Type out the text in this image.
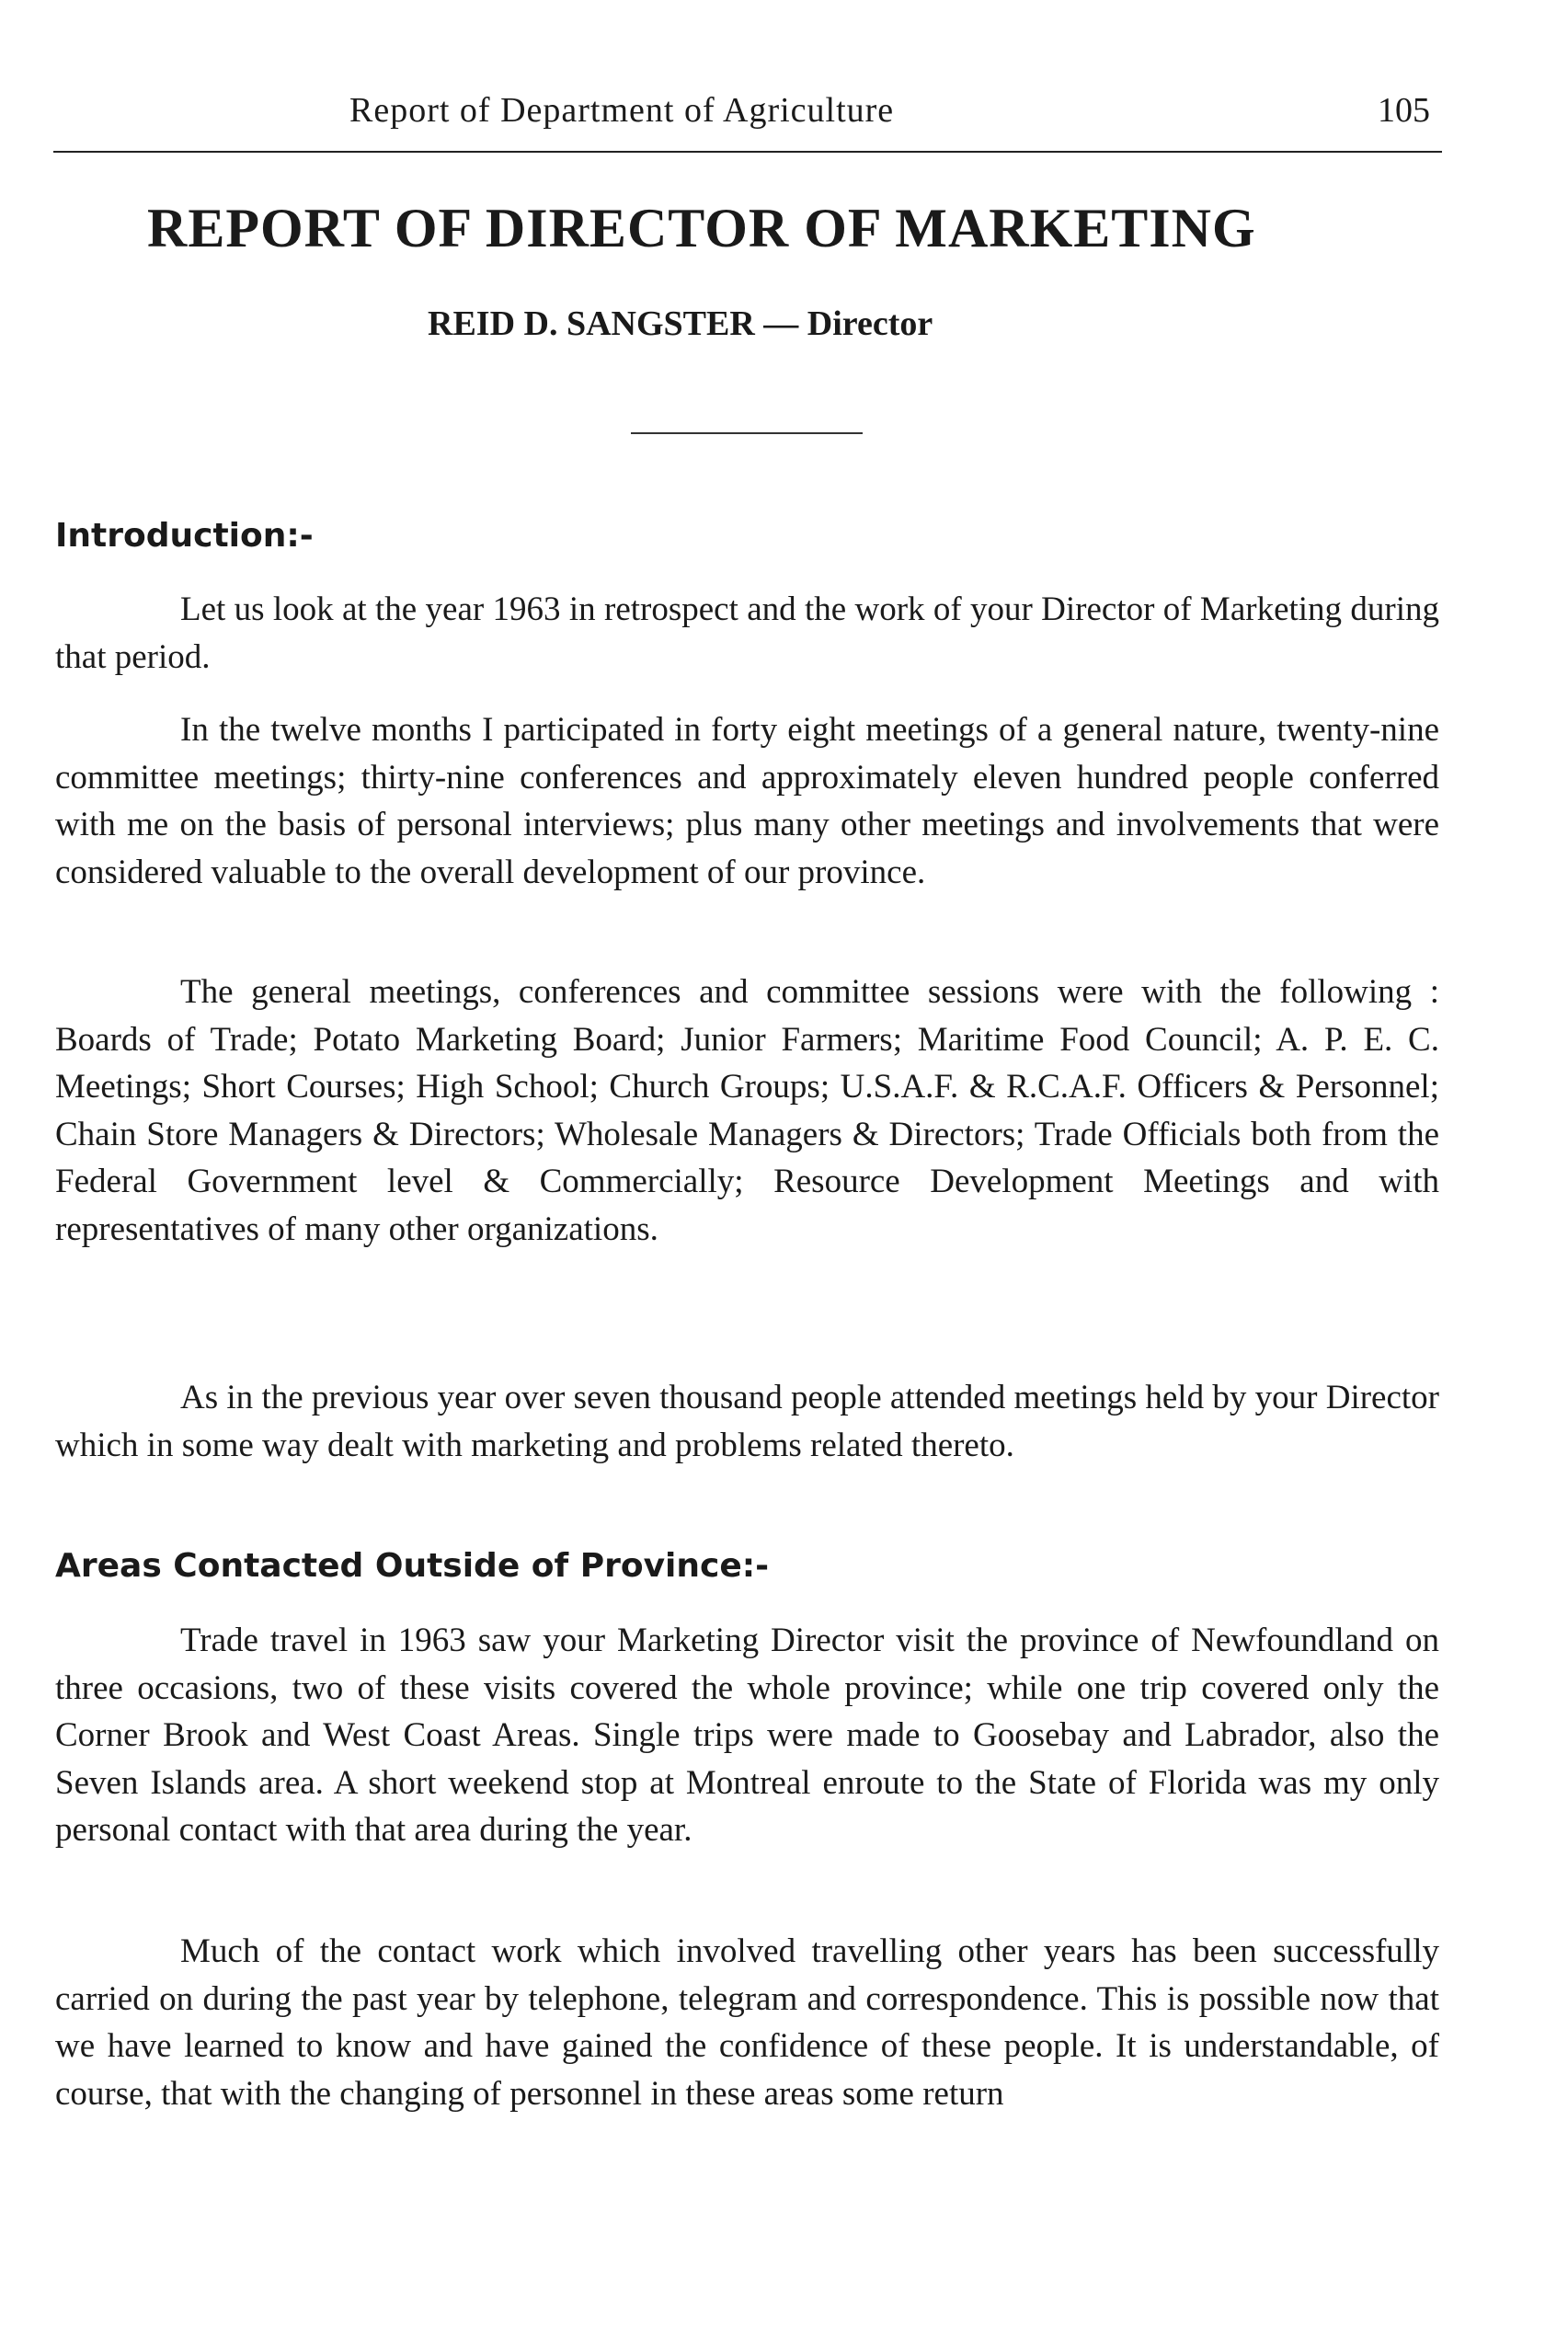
Report of Department of Agriculture	105
REPORT OF DIRECTOR OF MARKETING
REID D. SANGSTER — Director
Introduction:-

Let us look at the year 1963 in retrospect and the work of your Director of Marketing during that period.

In the twelve months I participated in forty eight meetings of a general nature, twenty-nine committee meetings; thirty-nine conferences and approximately eleven hundred people conferred with me on the basis of personal interviews; plus many other meetings and involvements that were considered valuable to the overall development of our province.

The general meetings, conferences and committee sessions were with the following : Boards of Trade; Potato Marketing Board; Junior Farmers; Maritime Food Council; A. P. E. C. Meetings; Short Courses; High School; Church Groups; U.S.A.F. & R.C.A.F. Officers & Personnel; Chain Store Managers & Directors; Wholesale Managers & Directors; Trade Officials both from the Federal Government level & Commercially; Resource Development Meetings and with representatives of many other organizations.

As in the previous year over seven thousand people attended meetings held by your Director which in some way dealt with marketing and problems related thereto.

Areas Contacted Outside of Province:-

Trade travel in 1963 saw your Marketing Director visit the province of Newfoundland on three occasions, two of these visits covered the whole province; while one trip covered only the Corner Brook and West Coast Areas. Single trips were made to Goosebay and Labrador, also the Seven Islands area. A short weekend stop at Montreal enroute to the State of Florida was my only personal contact with that area during the year.

Much of the contact work which involved travelling other years has been successfully carried on during the past year by telephone, telegram and correspondence. This is possible now that we have learned to know and have gained the confidence of these people. It is understandable, of course, that with the changing of personnel in these areas some return
